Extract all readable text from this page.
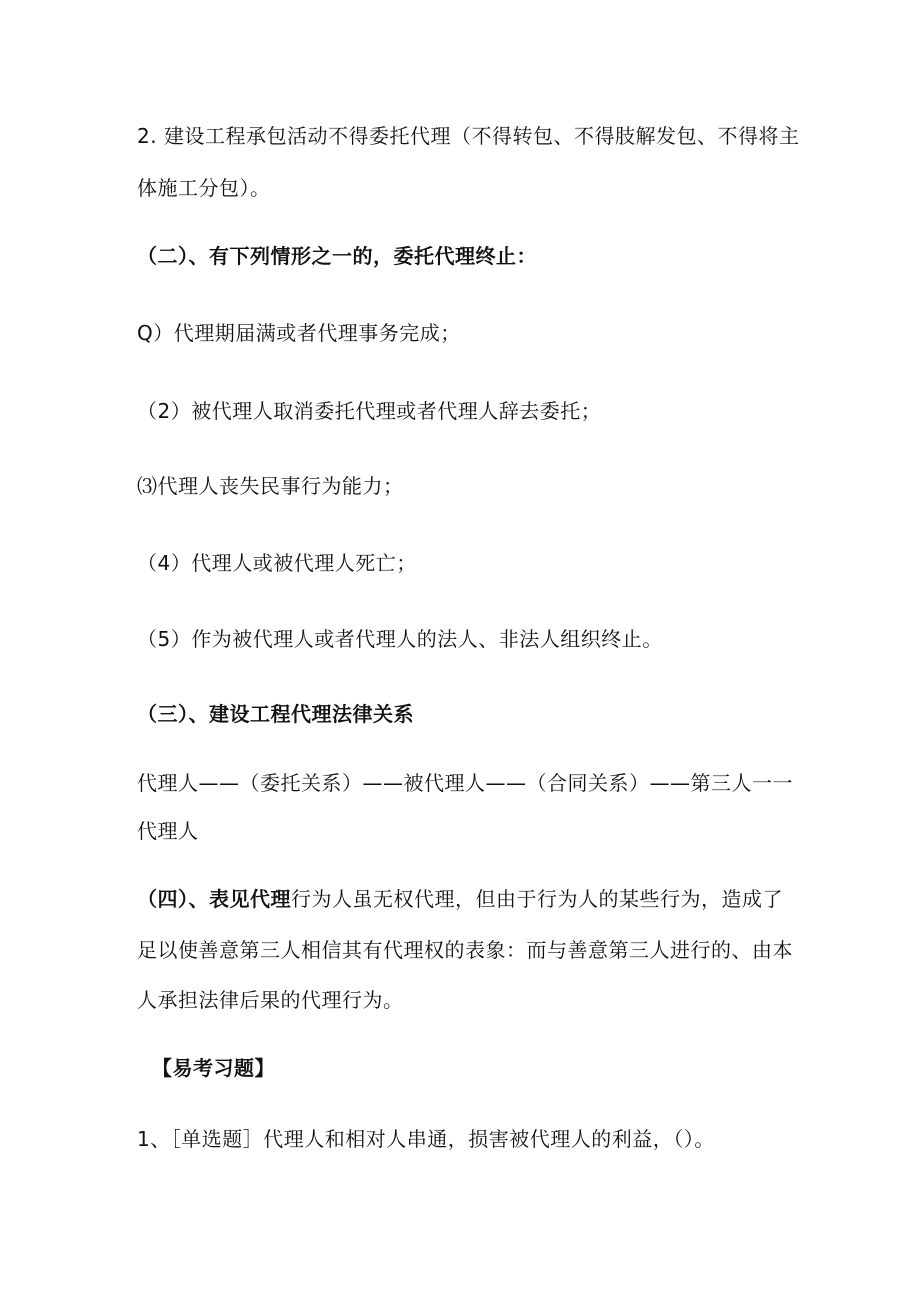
2. 建设工程承包活动不得委托代理（不得转包、不得肢解发包、不得将主
体施工分包）。
（二）、有下列情形之一的，委托代理终止：
Q）代理期届满或者代理事务完成；
（2）被代理人取消委托代理或者代理人辞去委托；
⑶代理人丧失民事行为能力；
（4）代理人或被代理人死亡；
（5）作为被代理人或者代理人的法人、非法人组织终止。
（三）、建设工程代理法律关系
代理人——（委托关系）——被代理人——（合同关系）——第三人一一
代理人
（四）、表见代理行为人虽无权代理，但由于行为人的某些行为，造成了
足以使善意第三人相信其有代理权的表象：而与善意第三人进行的、由本
人承担法律后果的代理行为。
【易考习题】
1、［单选题］代理人和相对人串通，损害被代理人的利益，（）。
